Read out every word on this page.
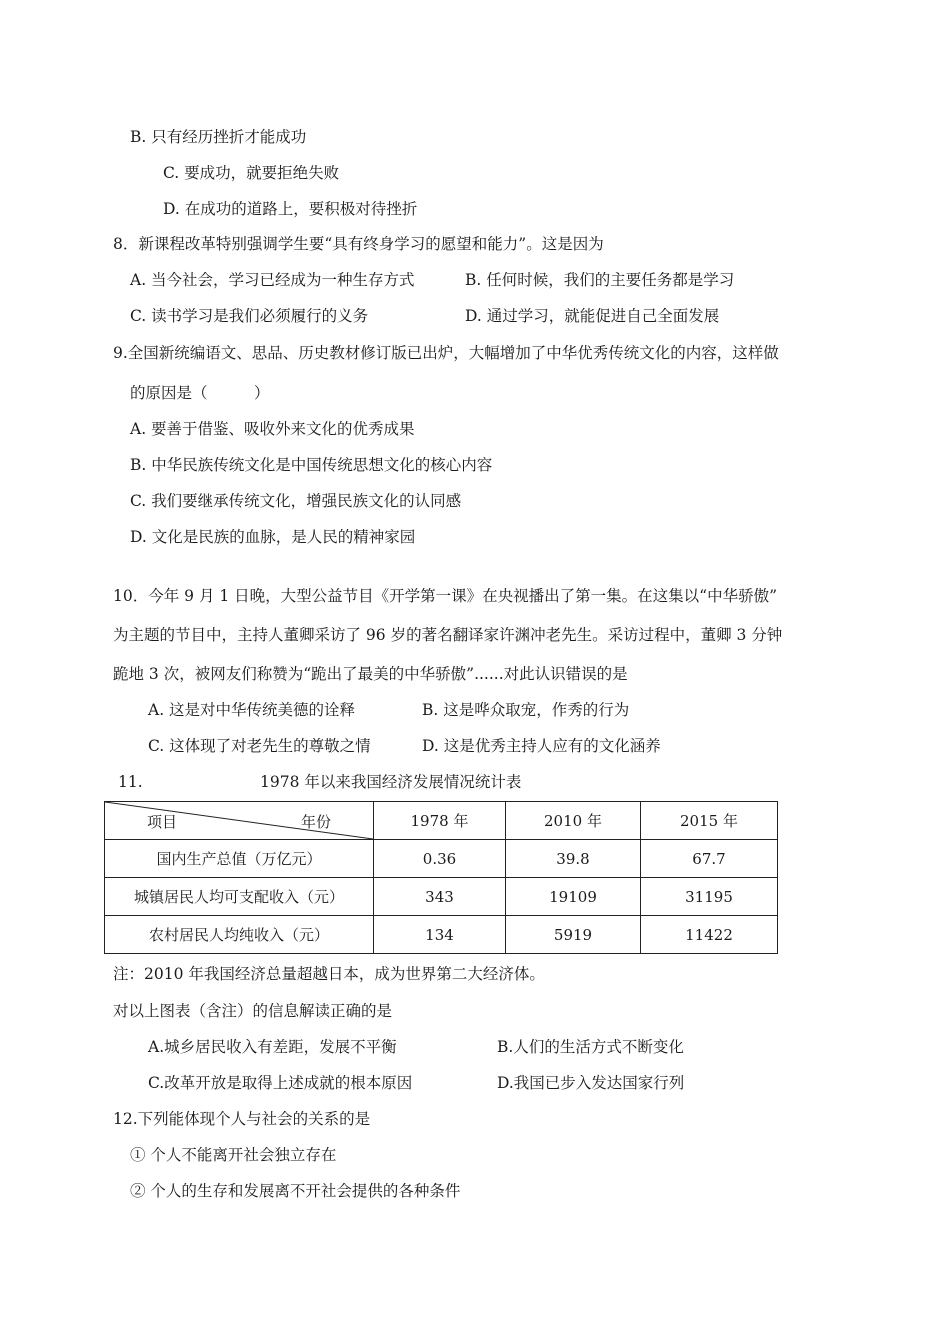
B. 只有经历挫折才能成功
C. 要成功，就要拒绝失败
D. 在成功的道路上，要积极对待挫折
8．新课程改革特别强调学生要“具有终身学习的愿望和能力”。这是因为
A. 当今社会，学习已经成为一种生存方式	B. 任何时候，我们的主要任务都是学习
C. 读书学习是我们必须履行的义务	D. 通过学习，就能促进自己全面发展
9.全国新统编语文、思品、历史教材修订版已出炉，大幅增加了中华优秀传统文化的内容，这样做
的原因是（　　　）
A. 要善于借鉴、吸收外来文化的优秀成果
B. 中华民族传统文化是中国传统思想文化的核心内容
C. 我们要继承传统文化，增强民族文化的认同感
D. 文化是民族的血脉，是人民的精神家园
10．今年 9 月 1 日晚，大型公益节目《开学第一课》在央视播出了第一集。在这集以“中华骄傲”
为主题的节目中，主持人董卿采访了 96 岁的著名翻译家许渊冲老先生。采访过程中，董卿 3 分钟
跪地 3 次，被网友们称赞为“跪出了最美的中华骄傲”......对此认识错误的是
A. 这是对中华传统美德的诠释	B. 这是哗众取宠，作秀的行为
C. 这体现了对老先生的尊敬之情	D. 这是优秀主持人应有的文化涵养
11.	1978 年以来我国经济发展情况统计表
项目 年份	1978 年	2010 年	2015 年
国内生产总值（万亿元）	0.36	39.8	67.7
城镇居民人均可支配收入（元）	343	19109	31195
农村居民人均纯收入（元）	134	5919	11422
注：2010 年我国经济总量超越日本，成为世界第二大经济体。
对以上图表（含注）的信息解读正确的是
A.城乡居民收入有差距，发展不平衡	B.人们的生活方式不断变化
C.改革开放是取得上述成就的根本原因	D.我国已步入发达国家行列
12.下列能体现个人与社会的关系的是
① 个人不能离开社会独立存在
② 个人的生存和发展离不开社会提供的各种条件
